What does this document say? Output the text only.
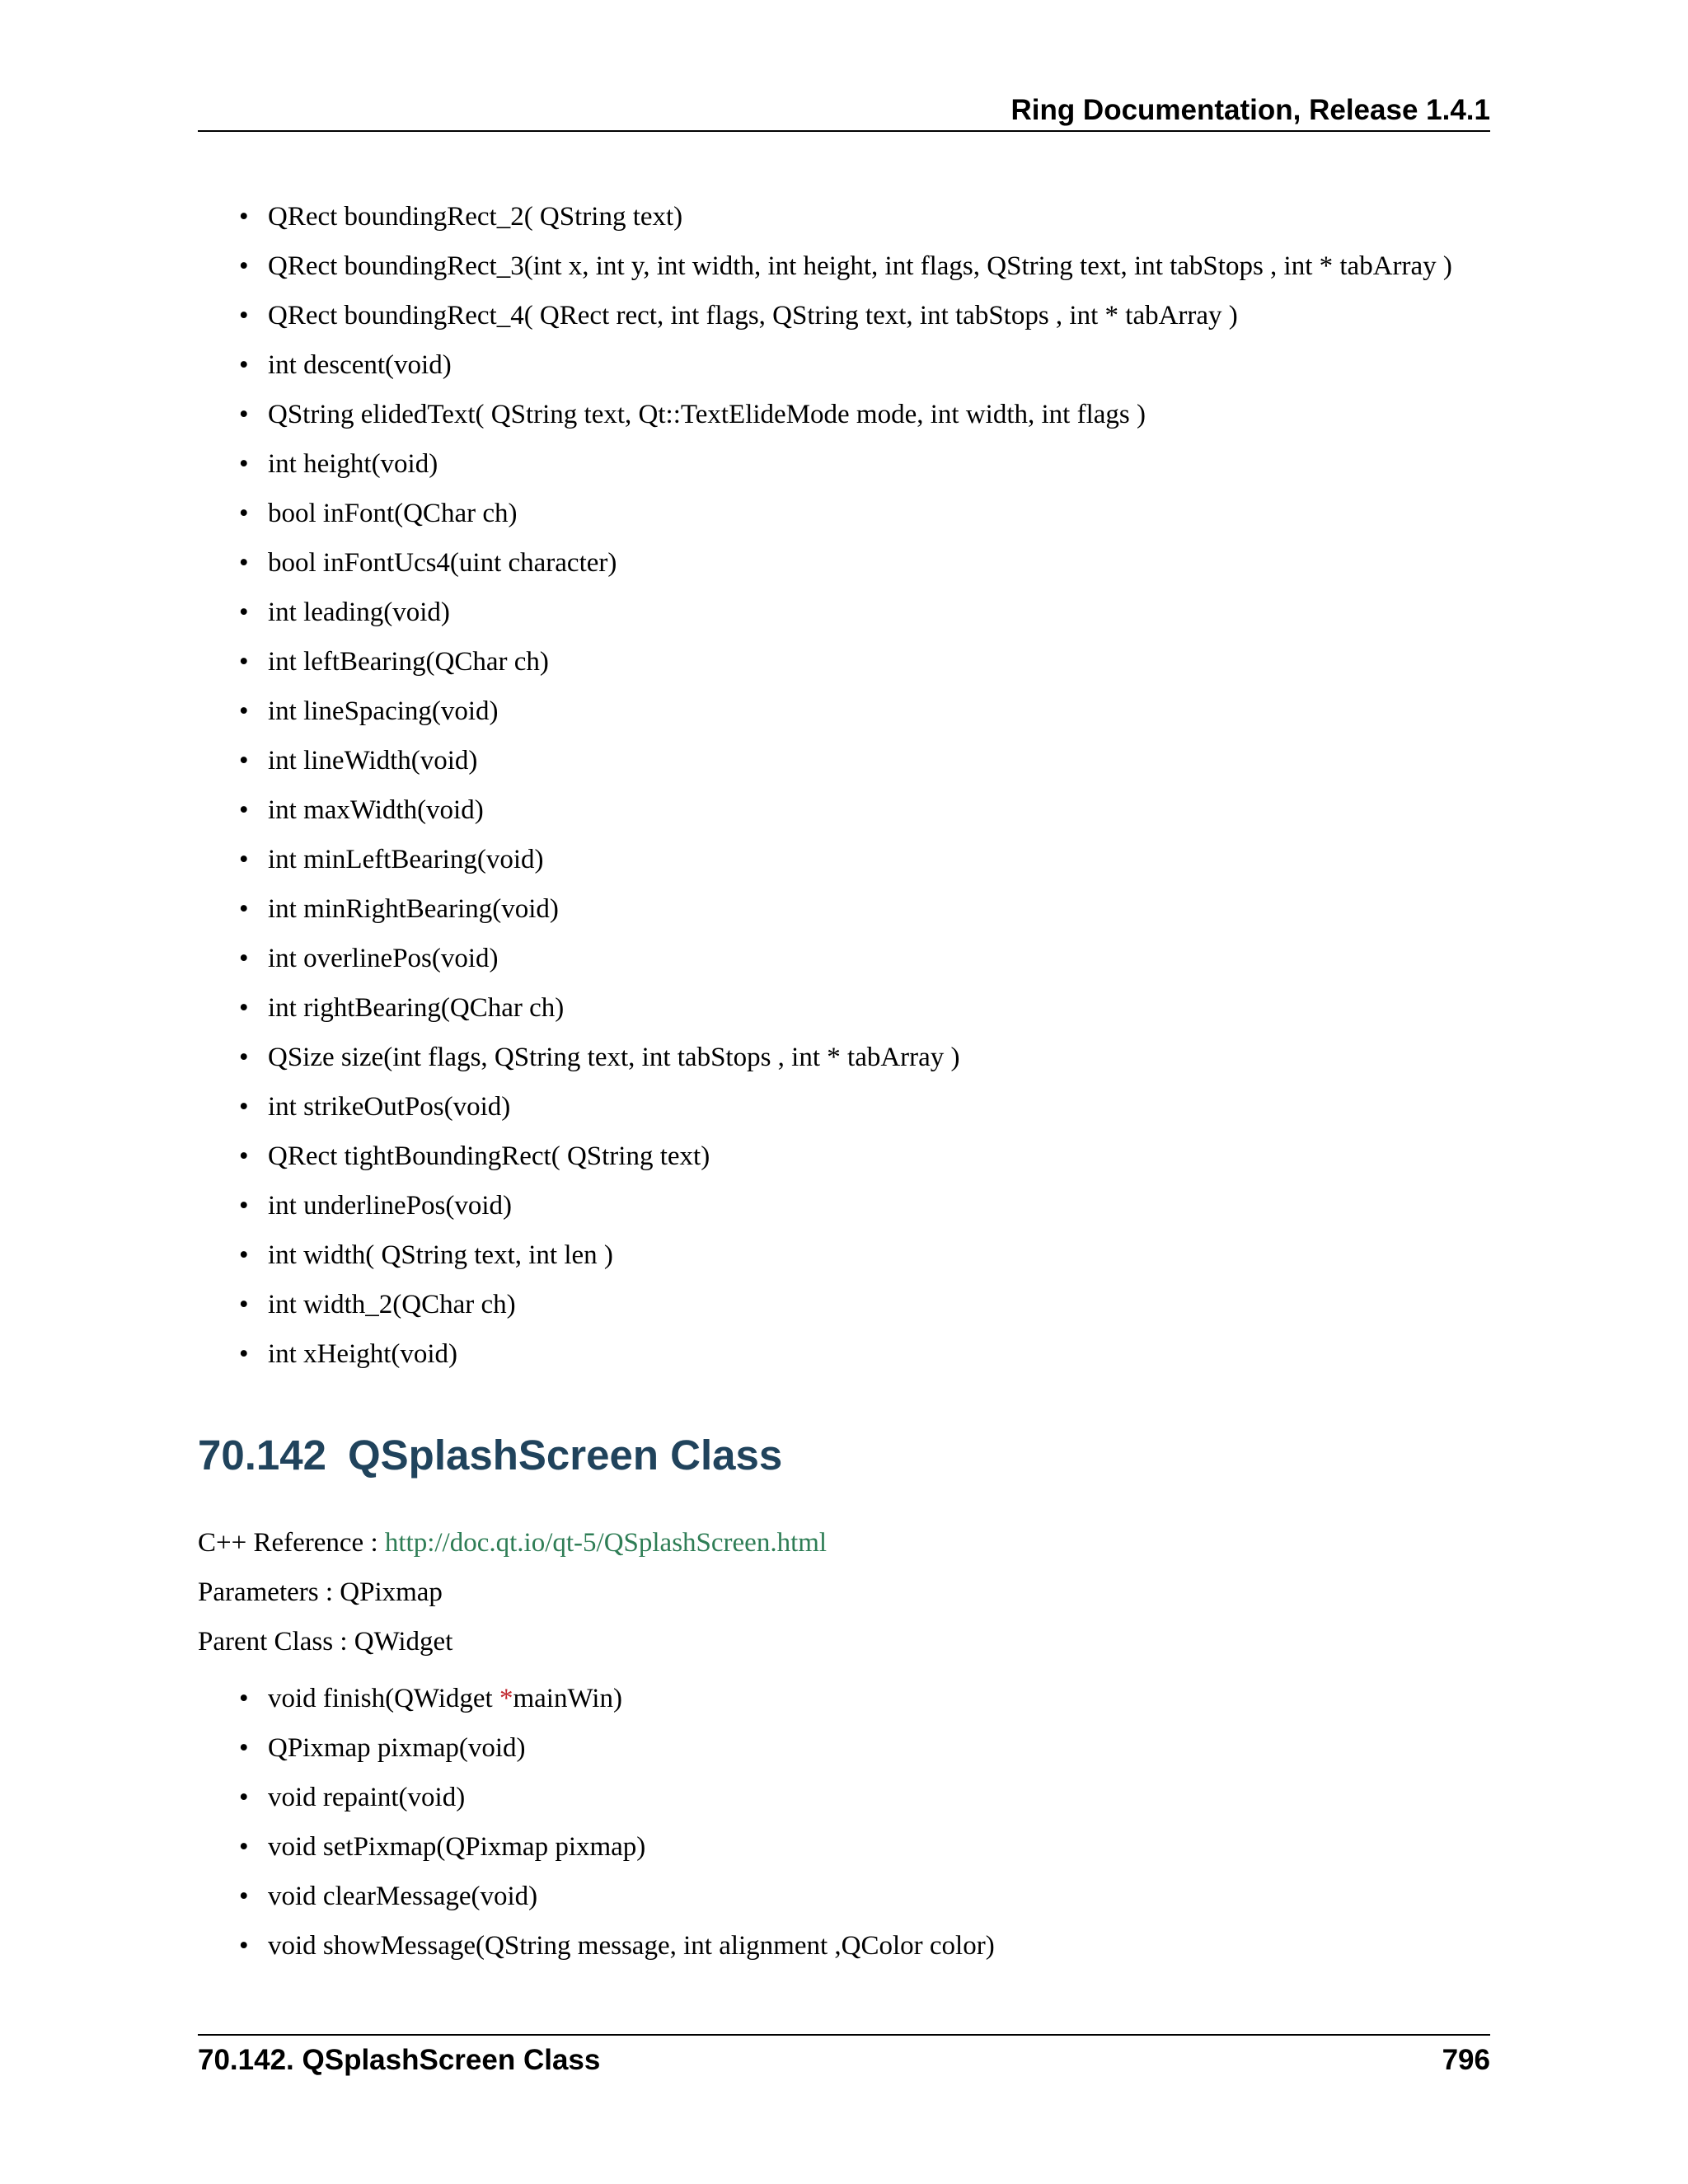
Ring Documentation, Release 1.4.1
• QRect boundingRect_2( QString text)
• QRect boundingRect_3(int x, int y, int width, int height, int flags, QString text, int tabStops , int * tabArray )
• QRect boundingRect_4( QRect rect, int flags, QString text, int tabStops , int * tabArray )
• int descent(void)
• QString elidedText( QString text, Qt::TextElideMode mode, int width, int flags )
• int height(void)
• bool inFont(QChar ch)
• bool inFontUcs4(uint character)
• int leading(void)
• int leftBearing(QChar ch)
• int lineSpacing(void)
• int lineWidth(void)
• int maxWidth(void)
• int minLeftBearing(void)
• int minRightBearing(void)
• int overlinePos(void)
• int rightBearing(QChar ch)
• QSize size(int flags, QString text, int tabStops , int * tabArray )
• int strikeOutPos(void)
• QRect tightBoundingRect( QString text)
• int underlinePos(void)
• int width( QString text, int len )
• int width_2(QChar ch)
• int xHeight(void)
70.142 QSplashScreen Class
C++ Reference : http://doc.qt.io/qt-5/QSplashScreen.html
Parameters : QPixmap
Parent Class : QWidget
• void finish(QWidget *mainWin)
• QPixmap pixmap(void)
• void repaint(void)
• void setPixmap(QPixmap pixmap)
• void clearMessage(void)
• void showMessage(QString message, int alignment ,QColor color)
70.142. QSplashScreen Class	796
